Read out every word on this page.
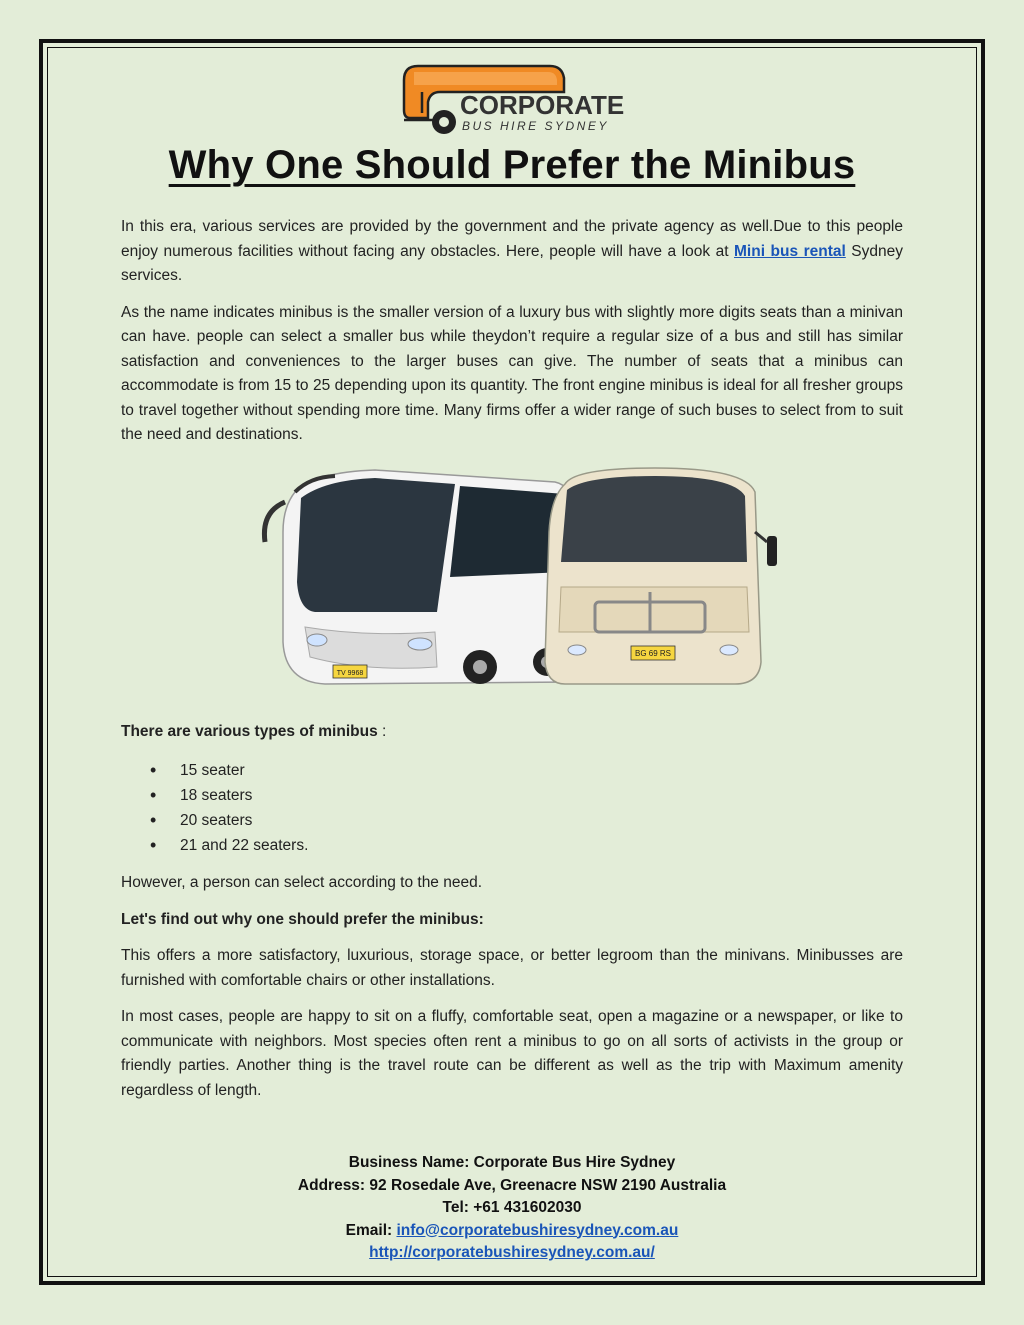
CORPORATE
BUS HIRE SYDNEY
Why One Should Prefer the Minibus

In this era, various services are provided by the government and the private agency as well.Due to this people enjoy numerous facilities without facing any obstacles. Here, people will have a look at Mini bus rental Sydney services.

As the name indicates minibus is the smaller version of a luxury bus with slightly more digits seats than a minivan can have. people can select a smaller bus while theydon’t require a regular size of a bus and still has similar satisfaction and conveniences to the larger buses can give. The number of seats that a minibus can accommodate is from 15 to 25 depending upon its quantity. The front engine minibus is ideal for all fresher groups to travel together without spending more time. Many firms offer a wider range of such buses to select from to suit the need and destinations.

TV 9968
BG 69 RS
There are various types of minibus :
• 15 seater
• 18 seaters
• 20 seaters
• 21 and 22 seaters.

However, a person can select according to the need.

Let's find out why one should prefer the minibus:

This offers a more satisfactory, luxurious, storage space, or better legroom than the minivans. Minibusses are furnished with comfortable chairs or other installations.

In most cases, people are happy to sit on a fluffy, comfortable seat, open a magazine or a newspaper, or like to communicate with neighbors. Most species often rent a minibus to go on all sorts of activists in the group or friendly parties. Another thing is the travel route can be different as well as the trip with Maximum amenity regardless of length.

Business Name: Corporate Bus Hire Sydney
Address: 92 Rosedale Ave, Greenacre NSW 2190 Australia
Tel: +61 431602030
Email: info@corporatebushiresydney.com.au
http://corporatebushiresydney.com.au/
